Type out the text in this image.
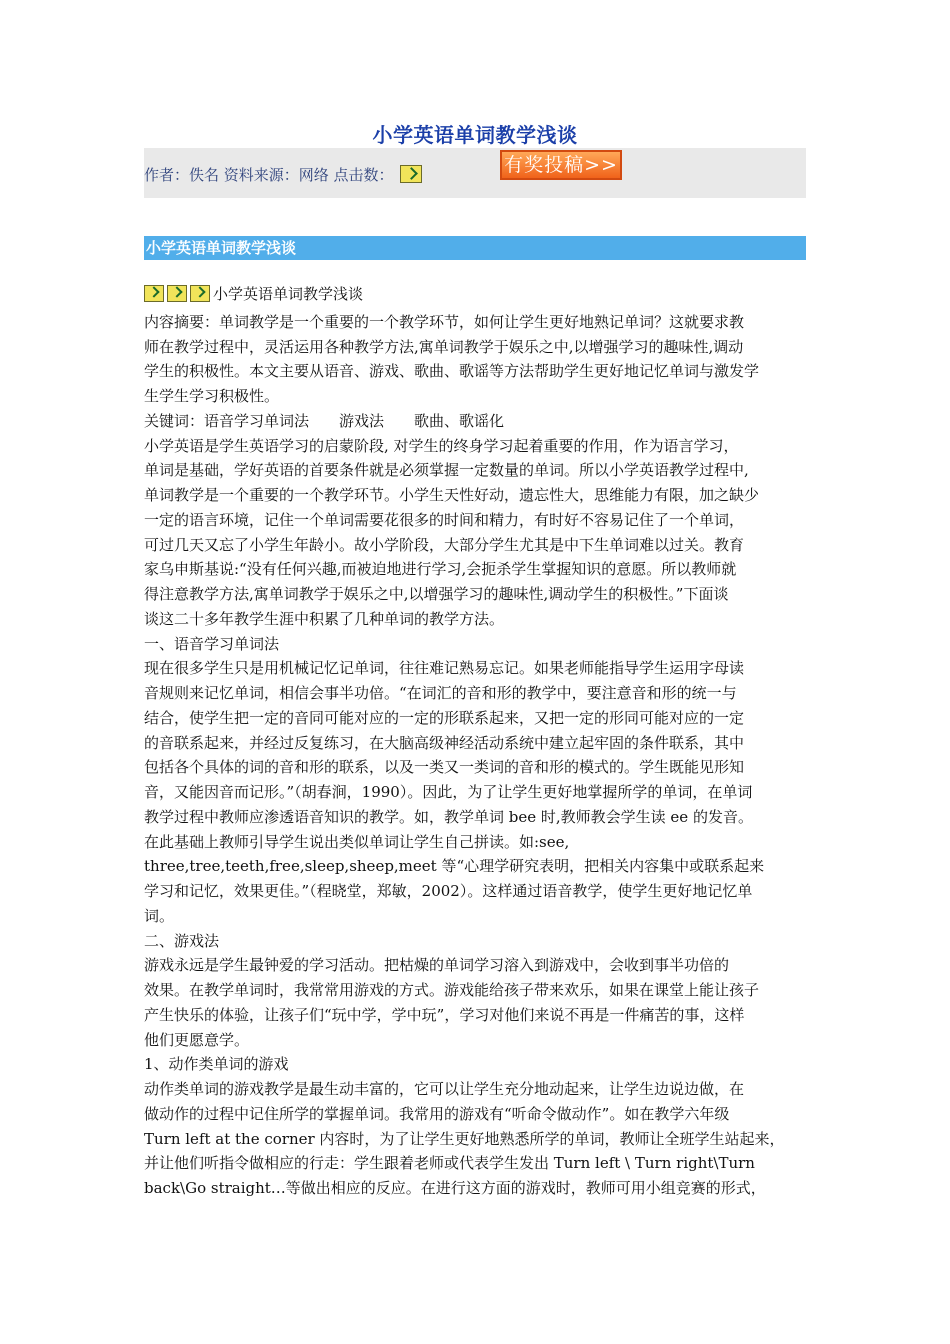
小学英语单词教学浅谈
作者：佚名 资料来源：网络 点击数：	有奖投稿>>
小学英语单词教学浅谈

小学英语单词教学浅谈

内容摘要：单词教学是一个重要的一个教学环节，如何让学生更好地熟记单词？这就要求教

师在教学过程中，灵活运用各种教学方法,寓单词教学于娱乐之中,以增强学习的趣味性,调动

学生的积极性。本文主要从语音、游戏、歌曲、歌谣等方法帮助学生更好地记忆单词与激发学

生学生学习积极性。

关键词：语音学习单词法　　游戏法　　歌曲、歌谣化

小学英语是学生英语学习的启蒙阶段, 对学生的终身学习起着重要的作用，作为语言学习，

单词是基础，学好英语的首要条件就是必须掌握一定数量的单词。所以小学英语教学过程中,

单词教学是一个重要的一个教学环节。小学生天性好动，遗忘性大，思维能力有限，加之缺少

一定的语言环境，记住一个单词需要花很多的时间和精力，有时好不容易记住了一个单词，

可过几天又忘了小学生年龄小。故小学阶段，大部分学生尤其是中下生单词难以过关。教育

家乌申斯基说:“没有任何兴趣,而被迫地进行学习,会扼杀学生掌握知识的意愿。所以教师就

得注意教学方法,寓单词教学于娱乐之中,以增强学习的趣味性,调动学生的积极性。”下面谈

谈这二十多年教学生涯中积累了几种单词的教学方法。

一、语音学习单词法

现在很多学生只是用机械记忆记单词，往往难记熟易忘记。如果老师能指导学生运用字母读

音规则来记忆单词，相信会事半功倍。“在词汇的音和形的教学中，要注意音和形的统一与

结合，使学生把一定的音同可能对应的一定的形联系起来，又把一定的形同可能对应的一定

的音联系起来，并经过反复练习，在大脑高级神经活动系统中建立起牢固的条件联系，其中

包括各个具体的词的音和形的联系，以及一类又一类词的音和形的模式的。学生既能见形知

音，又能因音而记形。”（胡春涧，1990）。因此，为了让学生更好地掌握所学的单词，在单词

教学过程中教师应渗透语音知识的教学。如，教学单词 bee 时,教师教会学生读 ee 的发音。

在此基础上教师引导学生说出类似单词让学生自己拼读。如:see,

three,tree,teeth,free,sleep,sheep,meet 等“心理学研究表明，把相关内容集中或联系起来

学习和记忆，效果更佳。”（程晓堂，郑敏，2002）。这样通过语音教学，使学生更好地记忆单

词。

二、游戏法

游戏永远是学生最钟爱的学习活动。把枯燥的单词学习溶入到游戏中，会收到事半功倍的

效果。在教学单词时，我常常用游戏的方式。游戏能给孩子带来欢乐，如果在课堂上能让孩子

产生快乐的体验，让孩子们“玩中学，学中玩”，学习对他们来说不再是一件痛苦的事，这样

他们更愿意学。

1、动作类单词的游戏

动作类单词的游戏教学是最生动丰富的，它可以让学生充分地动起来，让学生边说边做，在

做动作的过程中记住所学的掌握单词。我常用的游戏有“听命令做动作”。如在教学六年级

Turn left at the corner 内容时，为了让学生更好地熟悉所学的单词，教师让全班学生站起来，

并让他们听指令做相应的行走：学生跟着老师或代表学生发出 Turn left \ Turn right\Turn

back\Go straight…等做出相应的反应。在进行这方面的游戏时，教师可用小组竞赛的形式，
